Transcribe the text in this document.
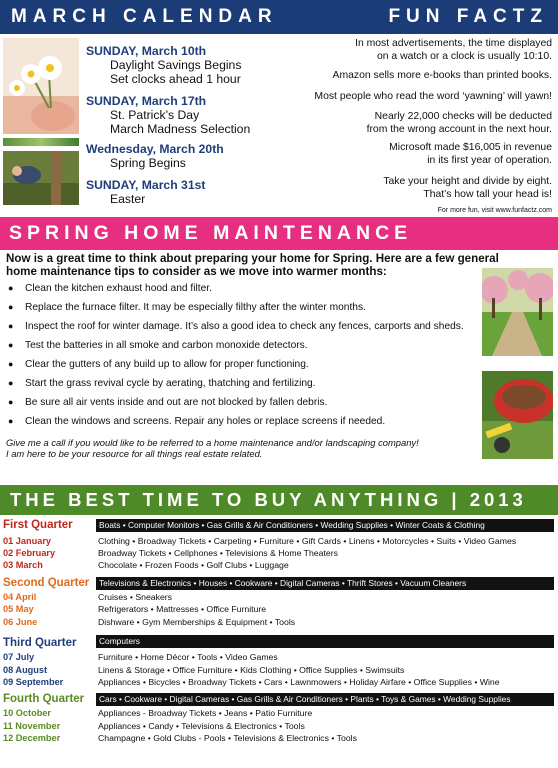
MARCH CALENDAR	FUN FACTZ
SUNDAY, March 10th
Daylight Savings Begins
Set clocks ahead 1 hour
SUNDAY, March 17th
St. Patrick’s Day
March Madness Selection
Wednesday, March 20th
Spring Begins
SUNDAY, March 31st
Easter
In most advertisements, the time displayed
on a watch or a clock is usually 10:10.
Amazon sells more e-books than printed books.
Most people who read the word ‘yawning’ will yawn!
Nearly 22,000 checks will be deducted
from the wrong account in the next hour.
Microsoft made $16,005 in revenue
in its first year of operation.
Take your height and divide by eight.
That’s how tall your head is!
For more fun, visit www.funfactz.com
SPRING HOME MAINTENANCE
Now is a great time to think about preparing your home for Spring. Here are a few general home maintenance tips to consider as we move into warmer months:
● Clean the kitchen exhaust hood and filter.
● Replace the furnace filter. It may be especially filthy after the winter months.
● Inspect the roof for winter damage. It’s also a good idea to check any fences, carports and sheds.
● Test the batteries in all smoke and carbon monoxide detectors.
● Clear the gutters of any build up to allow for proper functioning.
● Start the grass revival cycle by aerating, thatching and fertilizing.
● Be sure all air vents inside and out are not blocked by fallen debris.
● Clean the windows and screens. Repair any holes or replace screens if needed.
Give me a call if you would like to be referred to a home maintenance and/or landscaping company!
I am here to be your resource for all things real estate related.
THE BEST TIME TO BUY ANYTHING | 2013
First Quarter	Boats • Computer Monitors • Gas Grills & Air Conditioners • Wedding Supplies • Winter Coats & Clothing
01 January	Clothing • Broadway Tickets • Carpeting • Furniture • Gift Cards • Linens • Motorcycles • Suits • Video Games
02 February	Broadway Tickets • Cellphones • Televisions & Home Theaters
03 March	Chocolate • Frozen Foods • Golf Clubs • Luggage
Second Quarter	Televisions & Electronics • Houses • Cookware • Digital Cameras • Thrift Stores • Vacuum Cleaners
04 April	Cruises • Sneakers
05 May	Refrigerators • Mattresses • Office Furniture
06 June	Dishware • Gym Memberships & Equipment • Tools
Third Quarter	Computers
07 July	Furniture • Home Décor • Tools • Video Games
08 August	Linens & Storage • Office Furniture • Kids Clothing • Office Supplies • Swimsuits
09 September	Appliances • Bicycles • Broadway Tickets • Cars • Lawnmowers • Holiday Airfare • Office Supplies • Wine
Fourth Quarter	Cars • Cookware • Digital Cameras • Gas Grills & Air Conditioners • Plants • Toys & Games • Wedding Supplies
10 October	Appliances - Broadway Tickets • Jeans • Patio Furniture
11 November	Appliances • Candy • Televisions & Electronics • Tools
12 December	Champagne • Gold Clubs - Pools • Televisions & Electronics • Tools
